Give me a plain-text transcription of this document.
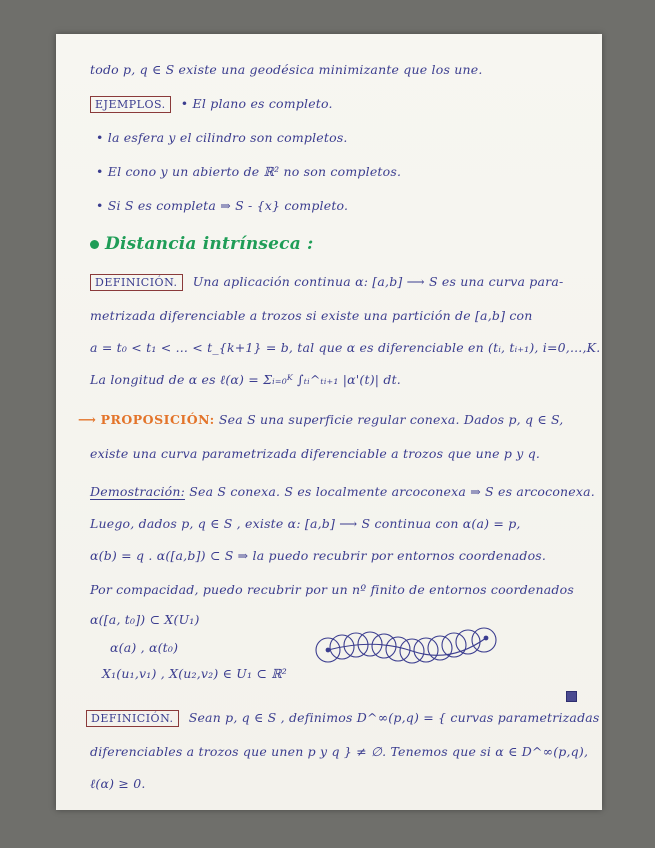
todo p, q ∈ S existe una geodésica minimizante que los une.
EJEMPLOS. • El plano es completo.
• la esfera y el cilindro son completos.
• El cono y un abierto de ℝ² no son completos.
• Si S es completa ⇒ S - {x} completo.
Distancia intrínseca :
DEFINICIÓN. Una aplicación continua α: [a,b] ⟶ S es una curva para-
metrizada diferenciable a trozos si existe una partición de [a,b] con
a = t₀ < t₁ < ... < t_{k+1} = b, tal que α es diferenciable en (tᵢ, tᵢ₊₁), i=0,...,K.
La longitud de α es ℓ(α) = Σᵢ₌₀ᴷ ∫ₜᵢ^ₜᵢ₊₁ |α'(t)| dt.
⟶ PROPOSICIÓN: Sea S una superficie regular conexa. Dados p, q ∈ S,
existe una curva parametrizada diferenciable a trozos que une p y q.
Demostración: Sea S conexa. S es localmente arcoconexa ⇒ S es arcoconexa.
Luego, dados p, q ∈ S , existe α: [a,b] ⟶ S continua con α(a) = p,
α(b) = q . α([a,b]) ⊂ S ⇒ la puedo recubrir por entornos coordenados.
Por compacidad, puedo recubrir por un nº finito de entornos coordenados
α([a, t₀]) ⊂ X(U₁)
α(a) , α(t₀)
X₁(u₁,v₁) , X(u₂,v₂) ∈ U₁ ⊂ ℝ²
DEFINICIÓN. Sean p, q ∈ S , definimos D^∞(p,q) = { curvas parametrizadas
diferenciables a trozos que unen p y q } ≠ ∅. Tenemos que si α ∈ D^∞(p,q),
ℓ(α) ≥ 0.
